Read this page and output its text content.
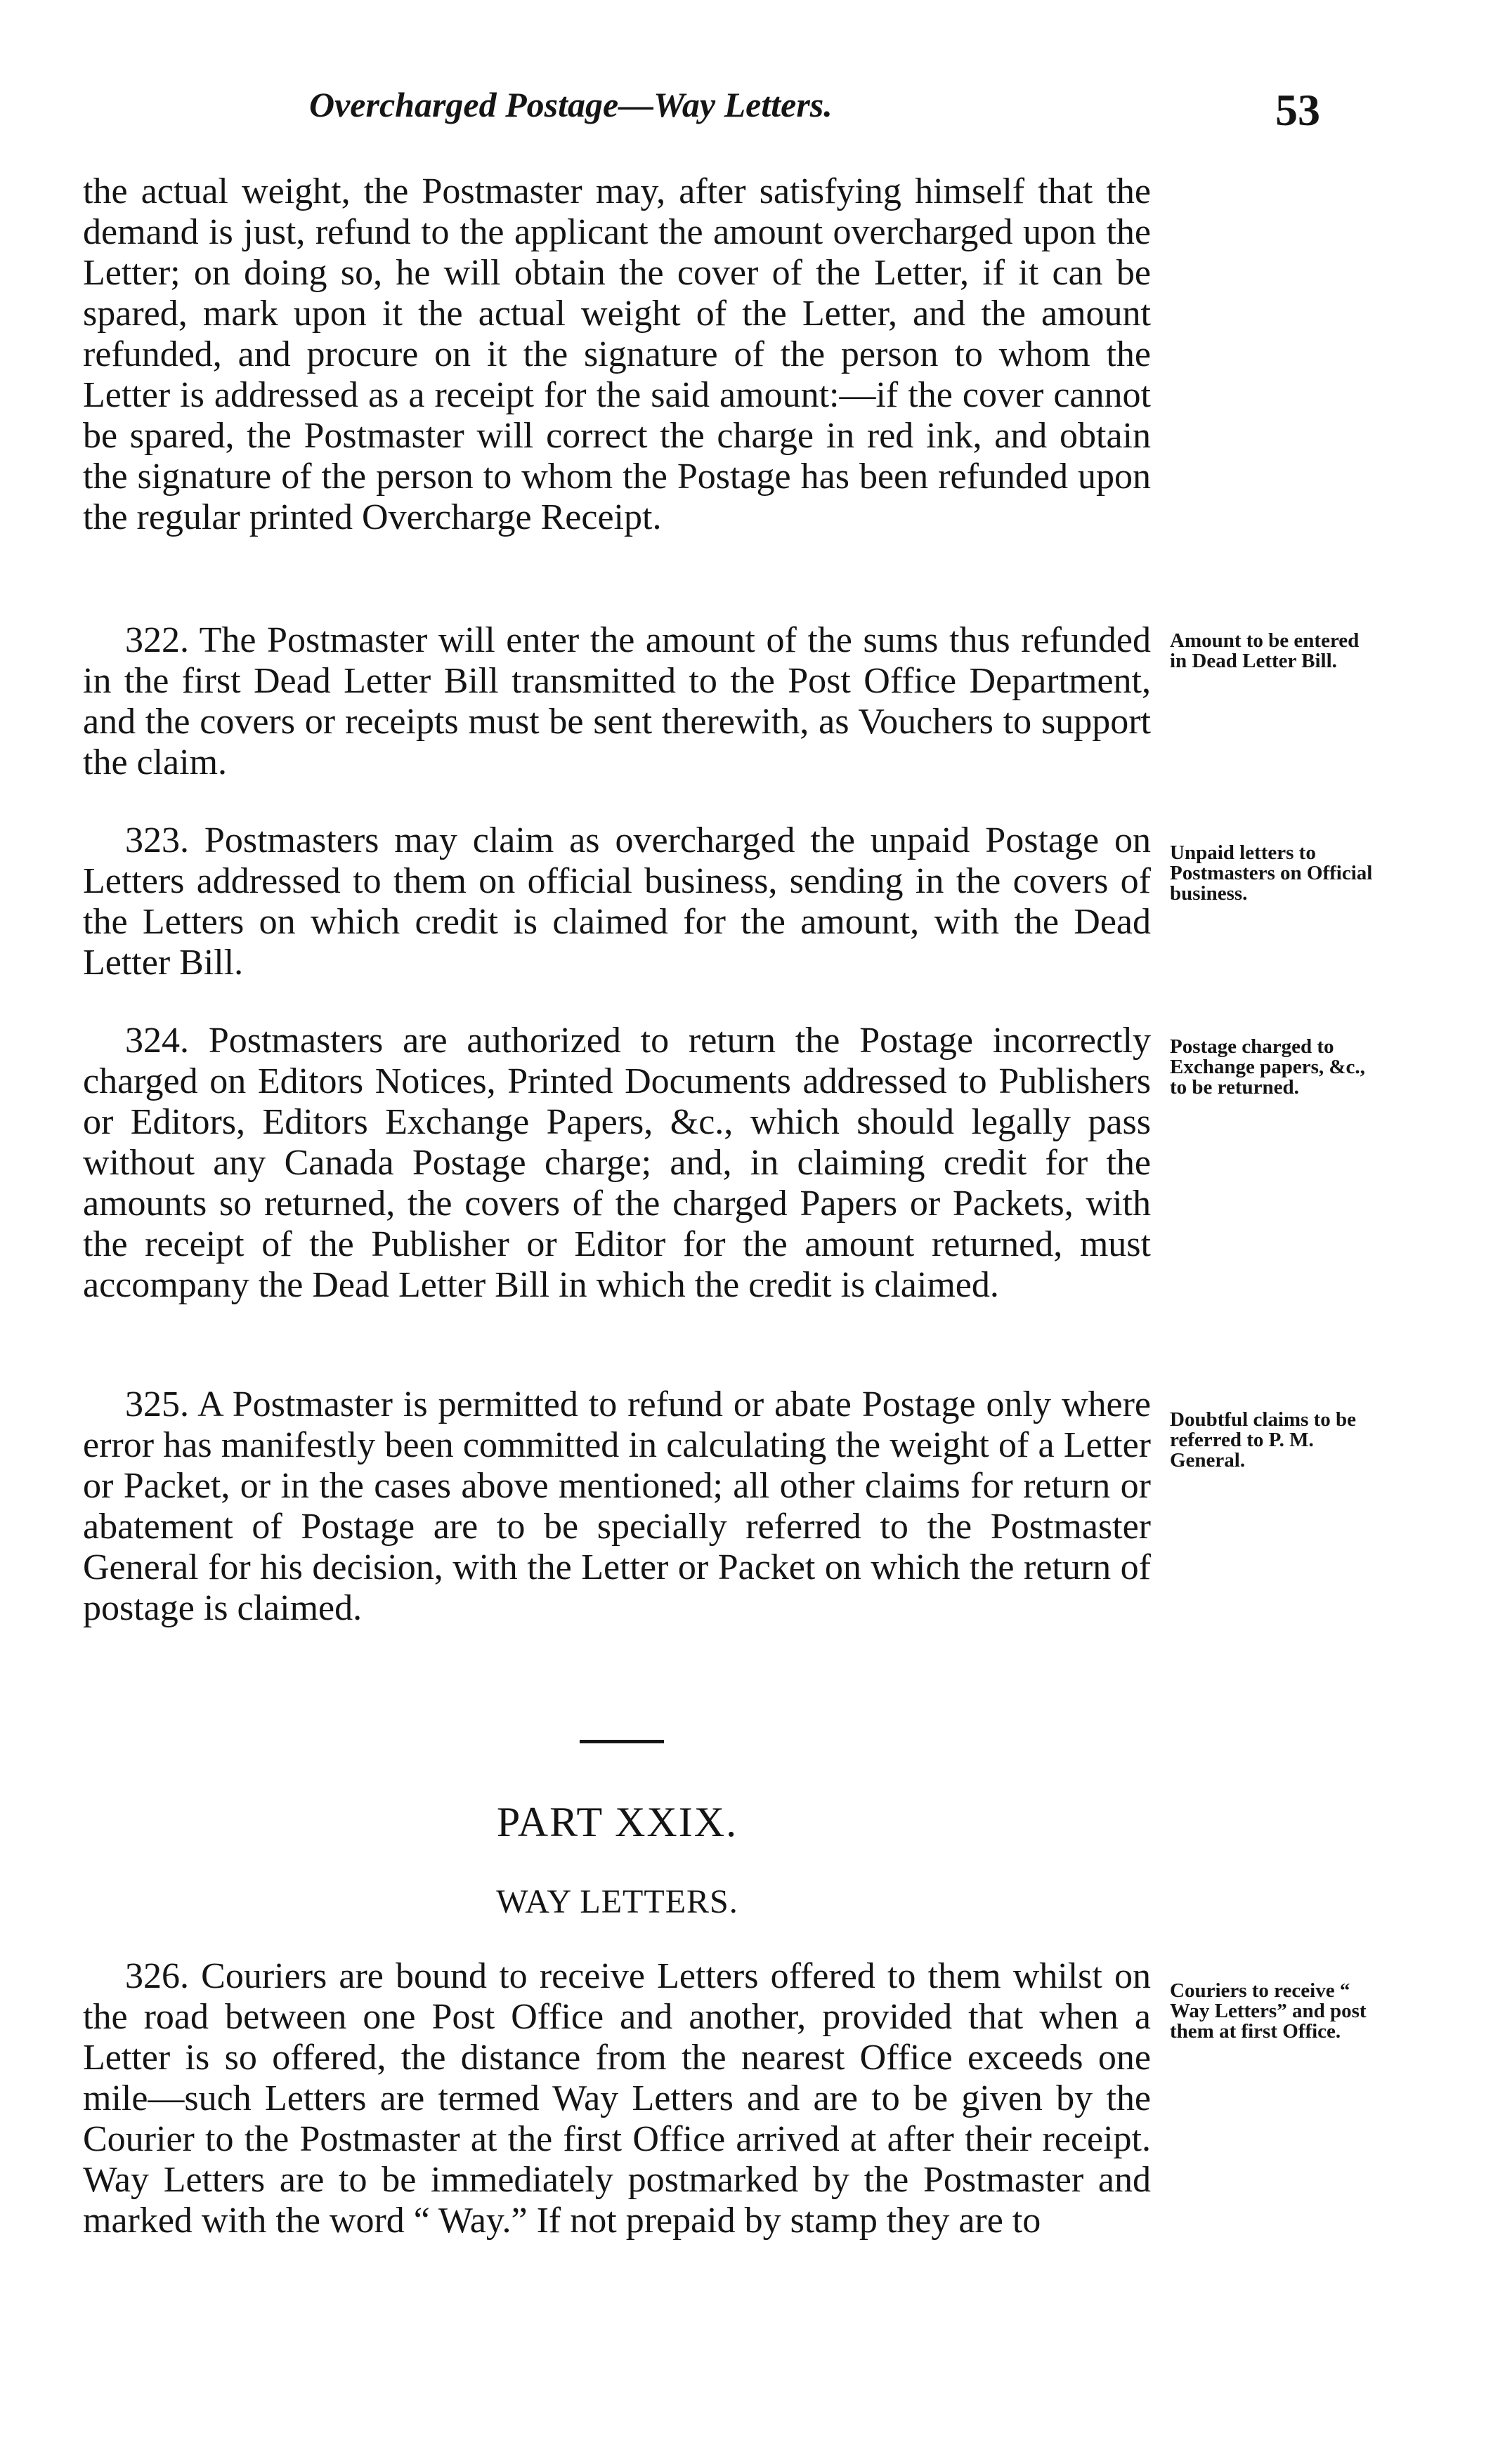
Overcharged Postage—Way Letters.	53

the actual weight, the Postmaster may, after satisfying himself that the demand is just, refund to the applicant the amount overcharged upon the Letter; on doing so, he will obtain the cover of the Letter, if it can be spared, mark upon it the actual weight of the Letter, and the amount refunded, and procure on it the signature of the person to whom the Letter is addressed as a receipt for the said amount:—if the cover cannot be spared, the Postmaster will correct the charge in red ink, and obtain the signature of the person to whom the Postage has been refunded upon the regular printed Overcharge Receipt.

322. The Postmaster will enter the amount of the sums thus refunded in the first Dead Letter Bill transmitted to the Post Office Department, and the covers or receipts must be sent therewith, as Vouchers to support the claim.

Amount to be entered in Dead Letter Bill.

323. Postmasters may claim as overcharged the unpaid Postage on Letters addressed to them on official business, sending in the covers of the Letters on which credit is claimed for the amount, with the Dead Letter Bill.

Unpaid letters to Postmasters on Official business.

324. Postmasters are authorized to return the Postage incorrectly charged on Editors Notices, Printed Documents addressed to Publishers or Editors, Editors Exchange Papers, &c., which should legally pass without any Canada Postage charge; and, in claiming credit for the amounts so returned, the covers of the charged Papers or Packets, with the receipt of the Publisher or Editor for the amount returned, must accompany the Dead Letter Bill in which the credit is claimed.

Postage charged to Exchange papers, &c., to be returned.

325. A Postmaster is permitted to refund or abate Postage only where error has manifestly been committed in calculating the weight of a Letter or Packet, or in the cases above mentioned; all other claims for return or abatement of Postage are to be specially referred to the Postmaster General for his decision, with the Letter or Packet on which the return of postage is claimed.

Doubtful claims to be referred to P. M. General.

PART XXIX.
WAY LETTERS.

326. Couriers are bound to receive Letters offered to them whilst on the road between one Post Office and another, provided that when a Letter is so offered, the distance from the nearest Office exceeds one mile—such Letters are termed Way Letters and are to be given by the Courier to the Postmaster at the first Office arrived at after their receipt. Way Letters are to be immediately postmarked by the Postmaster and marked with the word “ Way.” If not prepaid by stamp they are to

Couriers to receive “ Way Letters” and post them at first Office.
